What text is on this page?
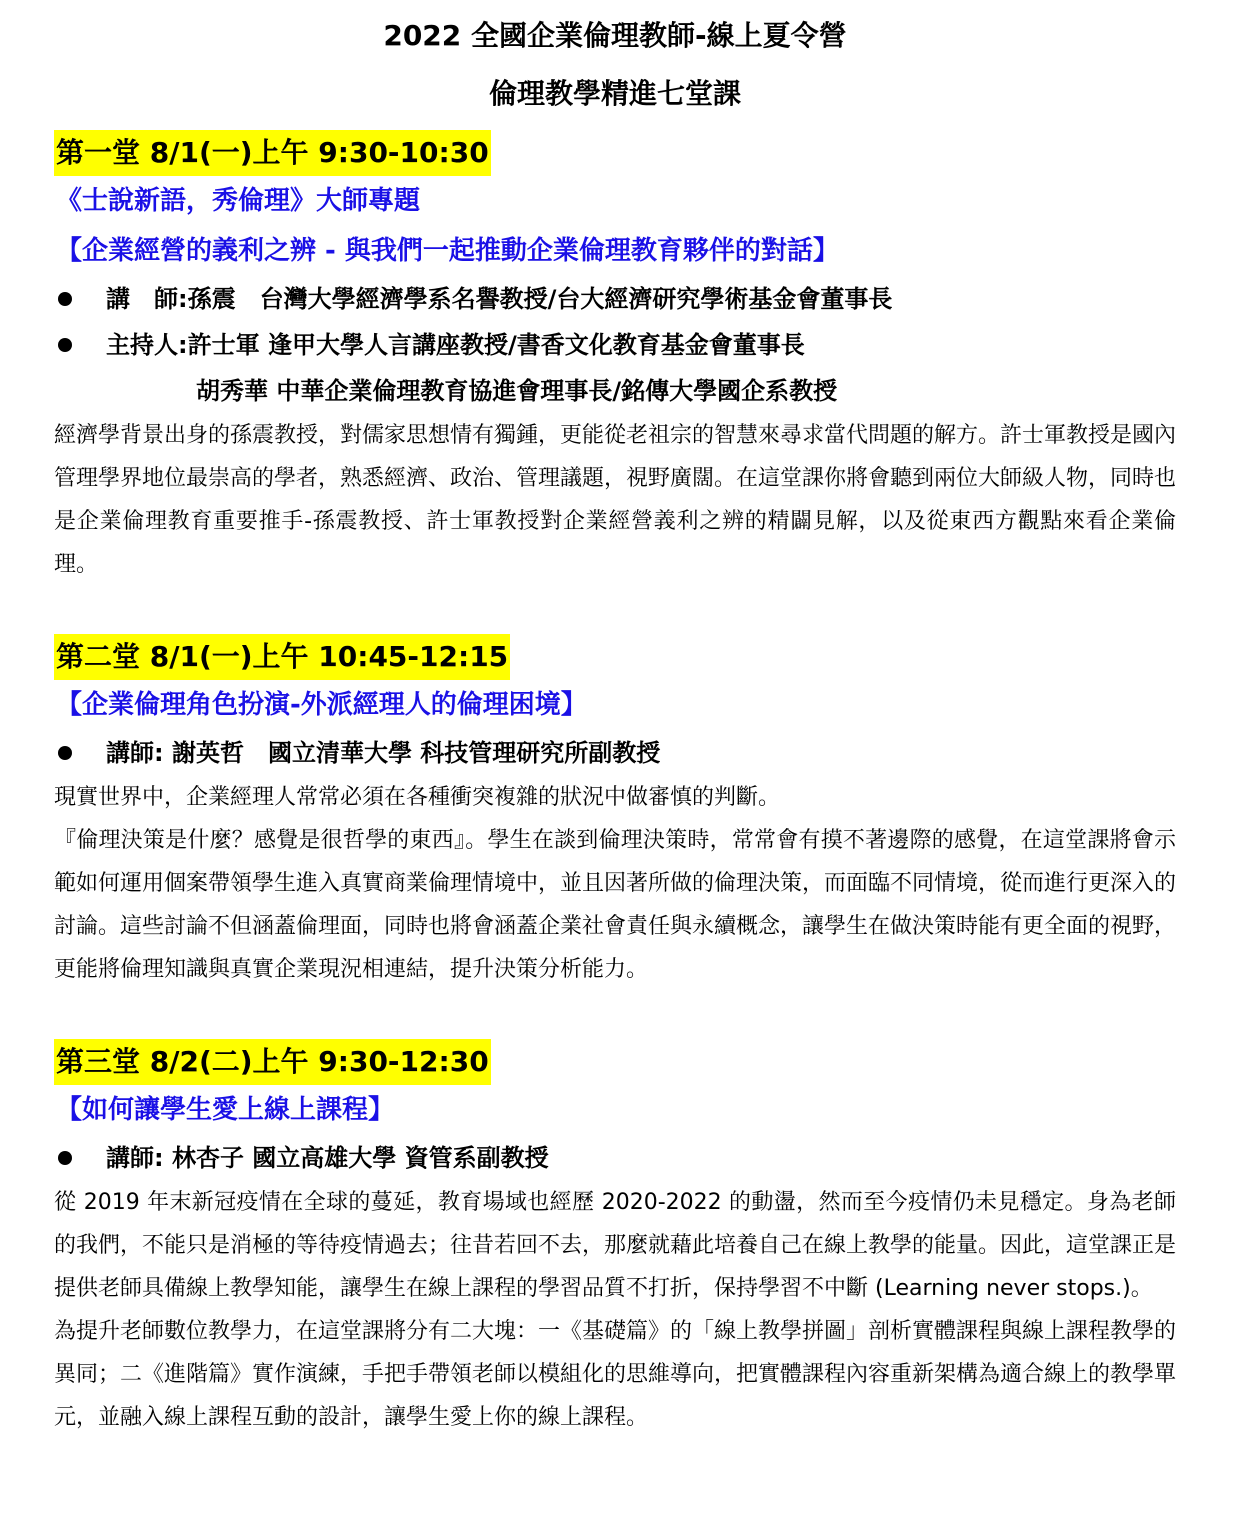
2022 全國企業倫理教師-線上夏令營
倫理教學精進七堂課

第一堂 8/1(一)上午 9:30-10:30

《士說新語，秀倫理》大師專題

【企業經營的義利之辨 - 與我們一起推動企業倫理教育夥伴的對話】

講　師:孫震　台灣大學經濟學系名譽教授/台大經濟研究學術基金會董事長

主持人:許士軍 逢甲大學人言講座教授/書香文化教育基金會董事長

胡秀華 中華企業倫理教育協進會理事長/銘傳大學國企系教授

經濟學背景出身的孫震教授，對儒家思想情有獨鍾，更能從老祖宗的智慧來尋求當代問題的解方。許士軍教授是國內管理學界地位最崇高的學者，熟悉經濟、政治、管理議題，視野廣闊。在這堂課你將會聽到兩位大師級人物，同時也是企業倫理教育重要推手-孫震教授、許士軍教授對企業經營義利之辨的精闢見解，以及從東西方觀點來看企業倫理。

第二堂 8/1(一)上午 10:45-12:15

【企業倫理角色扮演-外派經理人的倫理困境】

講師: 謝英哲　國立清華大學 科技管理研究所副教授

現實世界中，企業經理人常常必須在各種衝突複雜的狀況中做審慎的判斷。

『倫理決策是什麼？感覺是很哲學的東西』。學生在談到倫理決策時，常常會有摸不著邊際的感覺，在這堂課將會示範如何運用個案帶領學生進入真實商業倫理情境中，並且因著所做的倫理決策，而面臨不同情境，從而進行更深入的討論。這些討論不但涵蓋倫理面，同時也將會涵蓋企業社會責任與永續概念，讓學生在做決策時能有更全面的視野，更能將倫理知識與真實企業現況相連結，提升決策分析能力。

第三堂 8/2(二)上午 9:30-12:30

【如何讓學生愛上線上課程】

講師: 林杏子 國立高雄大學 資管系副教授

從 2019 年末新冠疫情在全球的蔓延，教育場域也經歷 2020-2022 的動盪，然而至今疫情仍未見穩定。身為老師的我們，不能只是消極的等待疫情過去；往昔若回不去，那麼就藉此培養自己在線上教學的能量。因此，這堂課正是提供老師具備線上教學知能，讓學生在線上課程的學習品質不打折，保持學習不中斷 (Learning never stops.)。

為提升老師數位教學力，在這堂課將分有二大塊：一《基礎篇》的「線上教學拼圖」剖析實體課程與線上課程教學的異同；二《進階篇》實作演練，手把手帶領老師以模組化的思維導向，把實體課程內容重新架構為適合線上的教學單元，並融入線上課程互動的設計，讓學生愛上你的線上課程。
